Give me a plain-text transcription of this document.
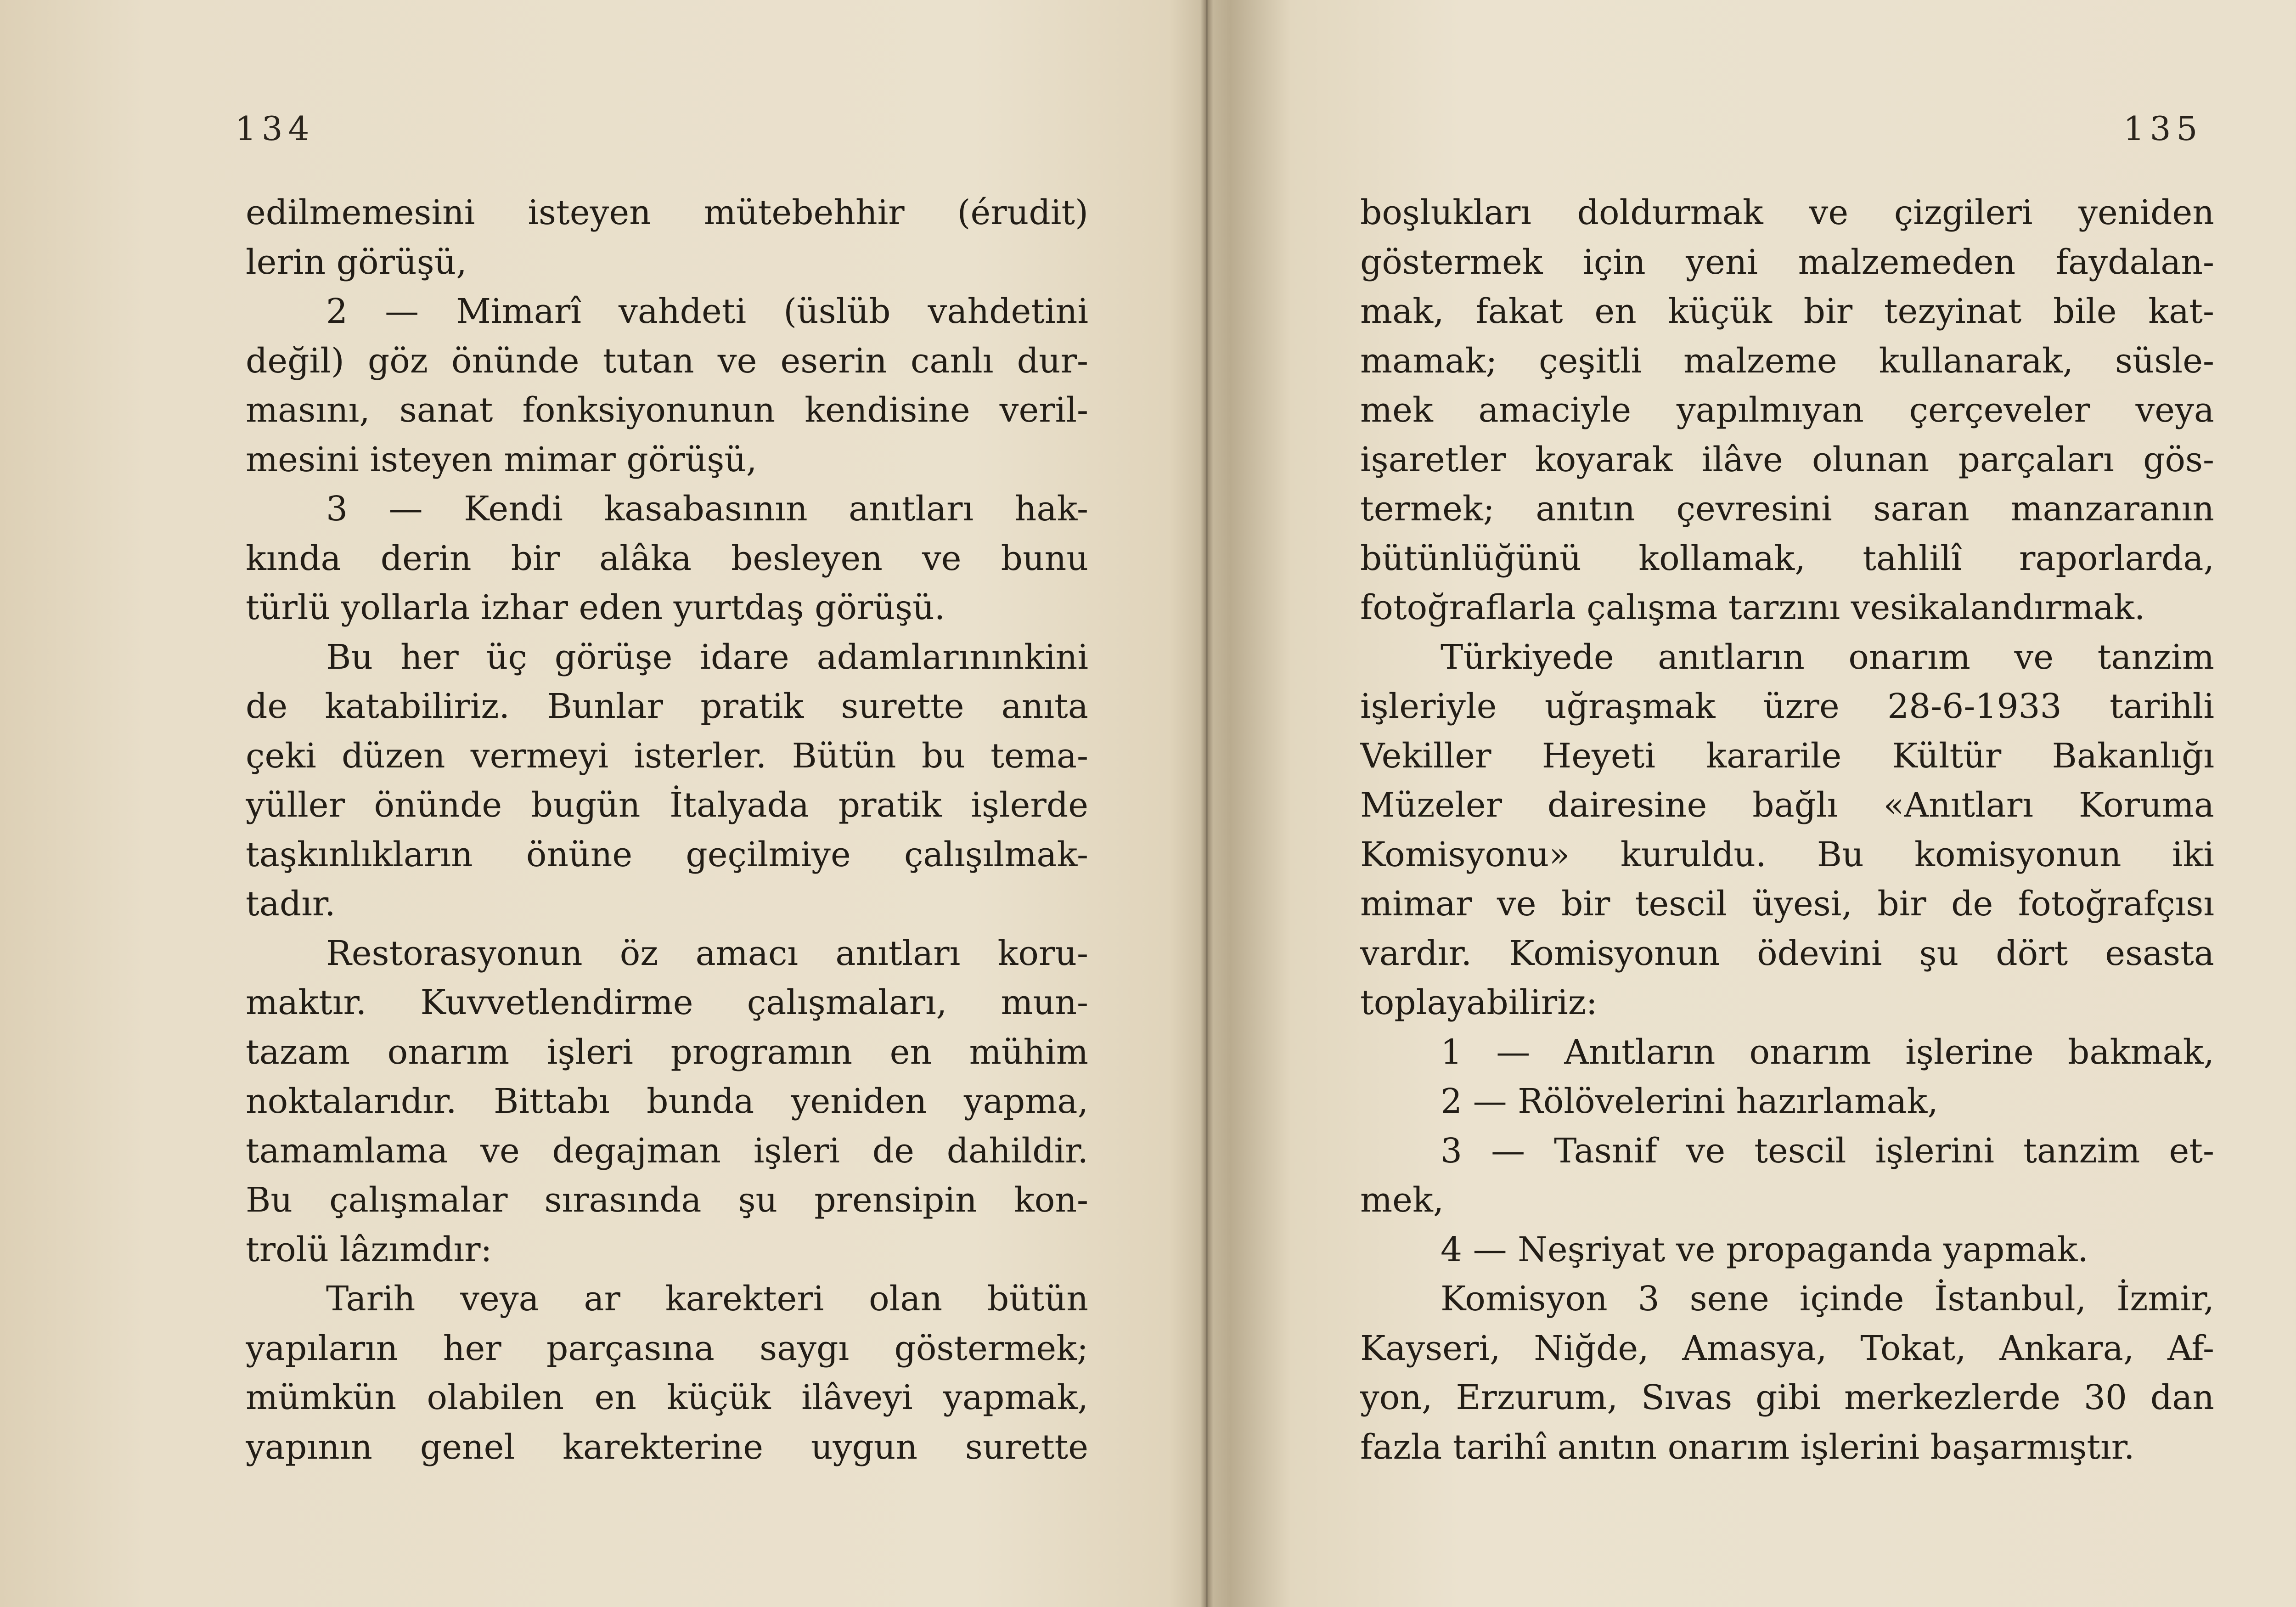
134
edilmemesini isteyen mütebehhir (érudit)
lerin görüşü,
2 — Mimarî vahdeti (üslüb vahdetini
değil) göz önünde tutan ve eserin canlı dur-
masını, sanat fonksiyonunun kendisine veril-
mesini isteyen mimar görüşü,
3 — Kendi kasabasının anıtları hak-
kında derin bir alâka besleyen ve bunu
türlü yollarla izhar eden yurtdaş görüşü.
Bu her üç görüşe idare adamlarınınkini
de katabiliriz. Bunlar pratik surette anıta
çeki düzen vermeyi isterler. Bütün bu tema-
yüller önünde bugün İtalyada pratik işlerde
taşkınlıkların önüne geçilmiye çalışılmak-
tadır.
Restorasyonun öz amacı anıtları koru-
maktır. Kuvvetlendirme çalışmaları, mun-
tazam onarım işleri programın en mühim
noktalarıdır. Bittabı bunda yeniden yapma,
tamamlama ve degajman işleri de dahildir.
Bu çalışmalar sırasında şu prensipin kon-
trolü lâzımdır:
Tarih veya ar karekteri olan bütün
yapıların her parçasına saygı göstermek;
mümkün olabilen en küçük ilâveyi yapmak,
yapının genel karekterine uygun surette
135
boşlukları doldurmak ve çizgileri yeniden
göstermek için yeni malzemeden faydalan-
mak, fakat en küçük bir tezyinat bile kat-
mamak; çeşitli malzeme kullanarak, süsle-
mek amaciyle yapılmıyan çerçeveler veya
işaretler koyarak ilâve olunan parçaları gös-
termek; anıtın çevresini saran manzaranın
bütünlüğünü kollamak, tahlilî raporlarda,
fotoğraflarla çalışma tarzını vesikalandırmak.
Türkiyede anıtların onarım ve tanzim
işleriyle uğraşmak üzre 28-6-1933 tarihli
Vekiller Heyeti kararile Kültür Bakanlığı
Müzeler dairesine bağlı «Anıtları Koruma
Komisyonu» kuruldu. Bu komisyonun iki
mimar ve bir tescil üyesi, bir de fotoğrafçısı
vardır. Komisyonun ödevini şu dört esasta
toplayabiliriz:
1 — Anıtların onarım işlerine bakmak,
2 — Rölövelerini hazırlamak,
3 — Tasnif ve tescil işlerini tanzim et-
mek,
4 — Neşriyat ve propaganda yapmak.
Komisyon 3 sene içinde İstanbul, İzmir,
Kayseri, Niğde, Amasya, Tokat, Ankara, Af-
yon, Erzurum, Sıvas gibi merkezlerde 30 dan
fazla tarihî anıtın onarım işlerini başarmıştır.
